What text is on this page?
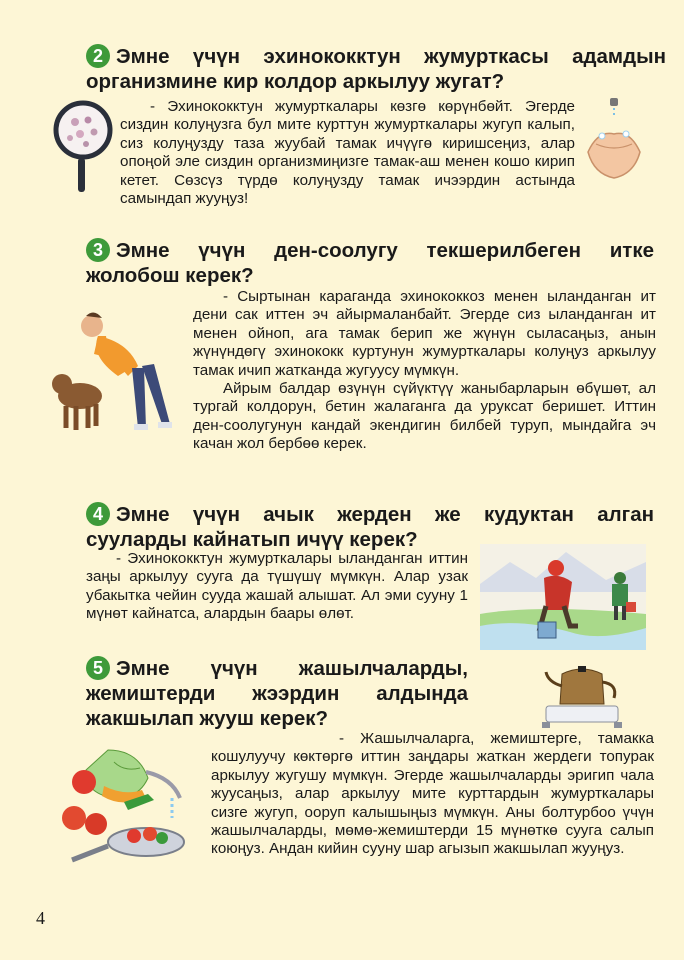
2 Эмне үчүн эхинококктун жумурткасы адамдын организмине кир колдор аркылуу жугат?

- Эхинококктун жумурткалары көзгө көрүнбөйт. Эгерде сиздин колуңузга бул мите курттун жумурткалары жугуп калып, сиз колуңузду таза жуубай тамак ичүүгө киришсеңиз, алар опоңой эле сиздин организмиңизге тамак-аш менен кошо кирип кетет. Сөзсүз түрдө колуңузду тамак ичээрдин астында самындап жууңуз!

3 Эмне үчүн ден-соолугу текшерилбеген итке жолобош керек?

- Сыртынан караганда эхинококкоз менен ыланданган ит дени сак иттен эч айырмаланбайт. Эгерде сиз ыланданган ит менен ойноп, ага тамак берип же жүнүн сыласаңыз, анын жүнүндөгү эхинококк куртунун жумурткалары колуңуз аркылуу тамак ичип жатканда жугуусу мүмкүн.

Айрым балдар өзүнүн сүйүктүү жаныбарларын өбүшөт, ал тургай колдорун, бетин жалаганга да уруксат беришет. Иттин ден-соолугунун кандай экендигин билбей туруп, мындайга эч качан жол бербөө керек.

4 Эмне үчүн ачык жерден же кудуктан алган сууларды кайнатып ичүү керек?

- Эхинококктун жумурткалары ыланданган иттин заңы аркылуу сууга да түшүшү мүмкүн. Алар узак убакытка чейин сууда жашай алышат. Ал эми сууну 1 мүнөт кайнатса, алардын баары өлөт.

5 Эмне үчүн жашылчаларды, жемиштерди жээрдин алдында жакшылап жууш керек?

- Жашылчаларга, жемиштерге, тамакка кошулуучу көктөргө иттин заңдары жаткан жердеги топурак аркылуу жугушу мүмкүн. Эгерде жашылчаларды эригип чала жуусаңыз, алар аркылуу мите курттардын жумурткалары сизге жугуп, ооруп калышыңыз мүмкүн. Аны болтурбоо үчүн жашылчаларды, мөмө-жемиштерди 15 мүнөткө сууга салып коюңуз. Андан кийин сууну шар агызып жакшылап жууңуз.

4
